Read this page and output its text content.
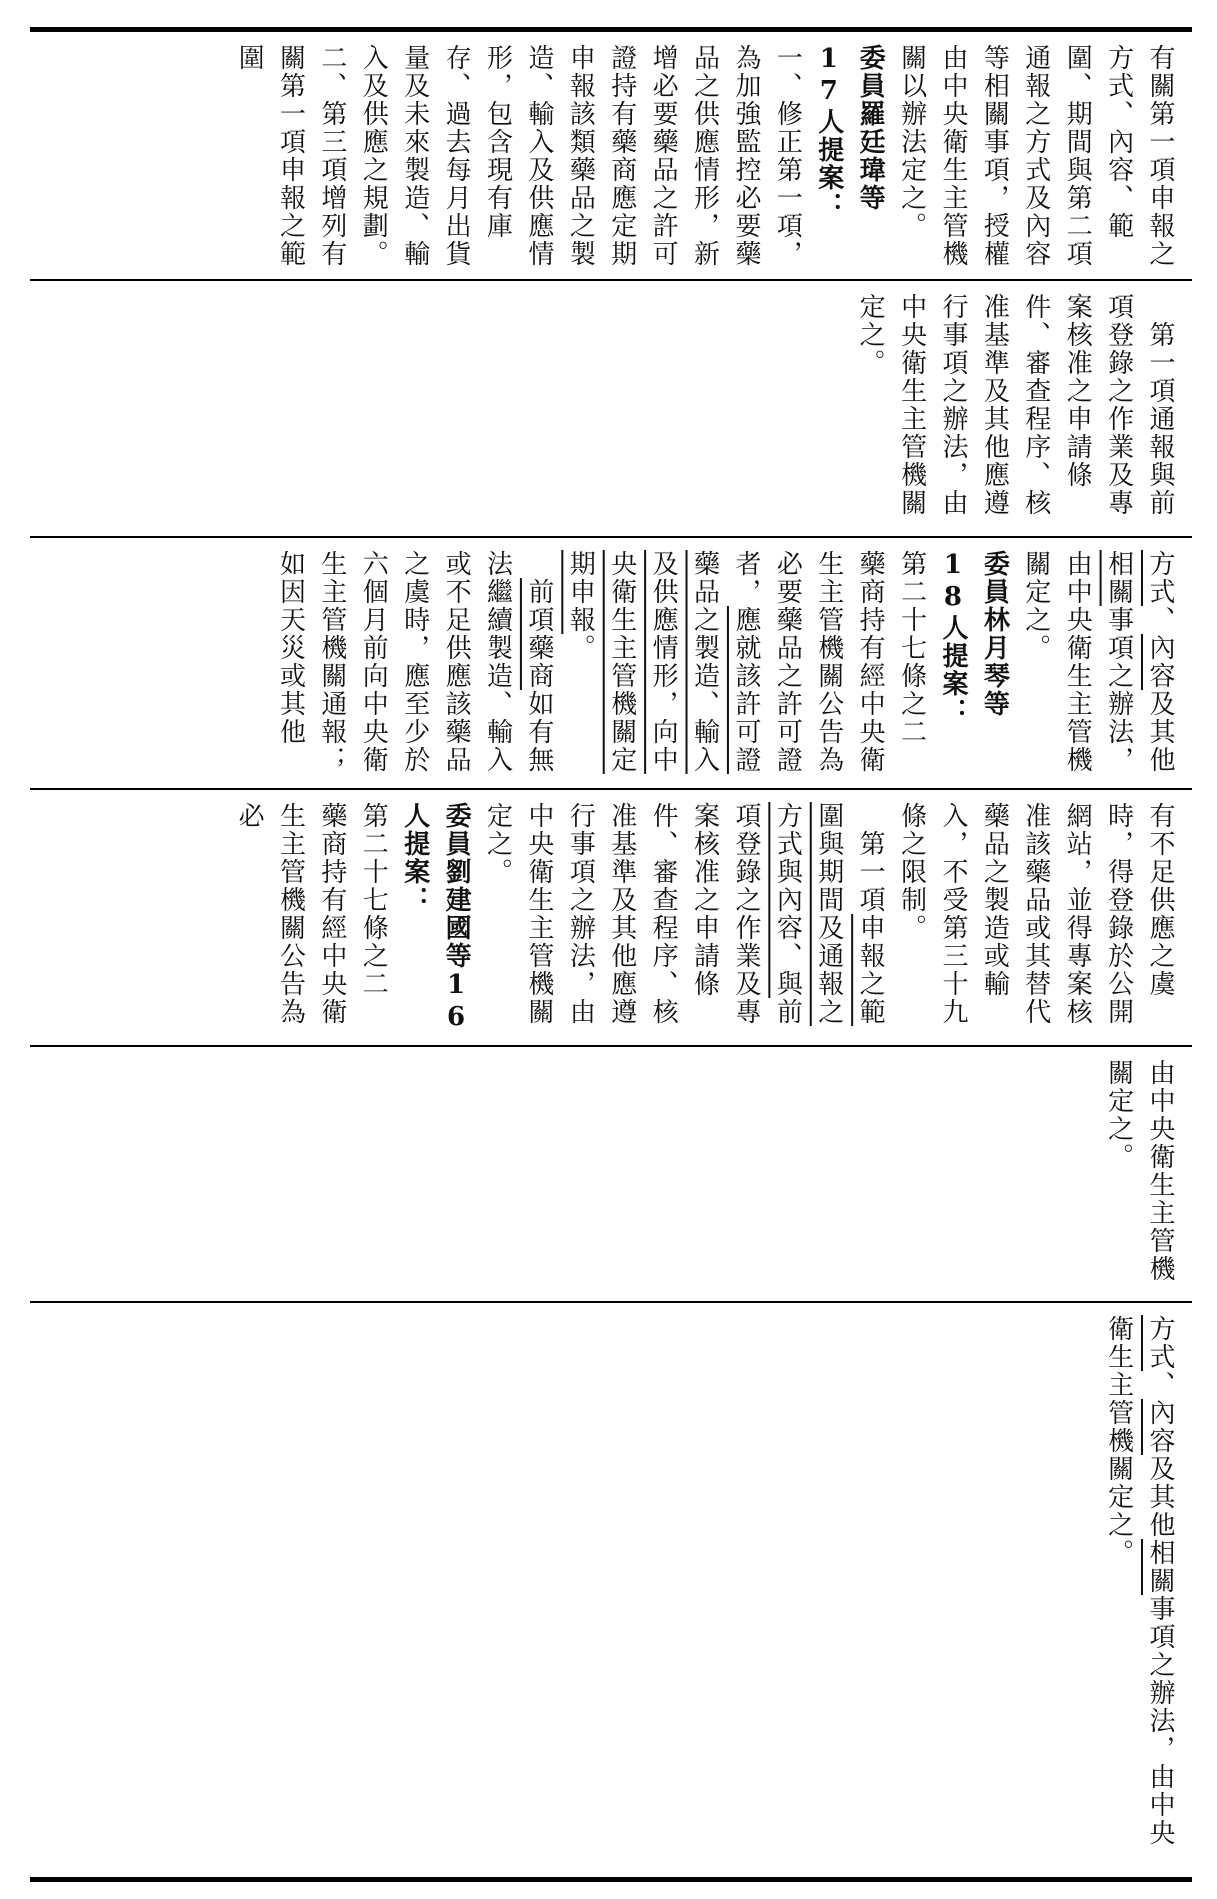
有關第一項申報之方式、內容、範圍、期間與第二項通報之方式及內容等相關事項，授權由中央衛生主管機關以辦法定之。
委員羅廷瑋等17人提案：
一、修正第一項，為加強監控必要藥品之供應情形，新增必要藥品之許可證持有藥商應定期申報該類藥品之製造、輸入及供應情形，包含現有庫存、過去每月出貨量及未來製造、輸入及供應之規劃。
二、第三項增列有關第一項申報之範圍
　第一項通報與前項登錄之作業及專案核准之申請條件、審查程序、核准基準及其他應遵行事項之辦法，由中央衛生主管機關定之。
方式、內容及其他相關事項之辦法，由中央衛生主管機關定之。
委員林月琴等18人提案：
第二十七條之二　藥商持有經中央衛生主管機關公告為必要藥品之許可證者，應就該許可證藥品之製造、輸入及供應情形，向中央衛生主管機關定期申報。
　前項藥商如有無法繼續製造、輸入或不足供應該藥品之虞時，應至少於六個月前向中央衛生主管機關通報；如因天災或其他
有不足供應之虞時，得登錄於公開網站，並得專案核准該藥品或其替代藥品之製造或輸入，不受第三十九條之限制。
　第一項申報之範圍與期間及通報之方式與內容、與前項登錄之作業及專案核准之申請條件、審查程序、核准基準及其他應遵行事項之辦法，由中央衛生主管機關定之。
委員劉建國等16人提案：
第二十七條之二　藥商持有經中央衛生主管機關公告為必
由中央衛生主管機關定之。
方式、內容及其他相關事項之辦法，由中央衛生主管機關定之。
